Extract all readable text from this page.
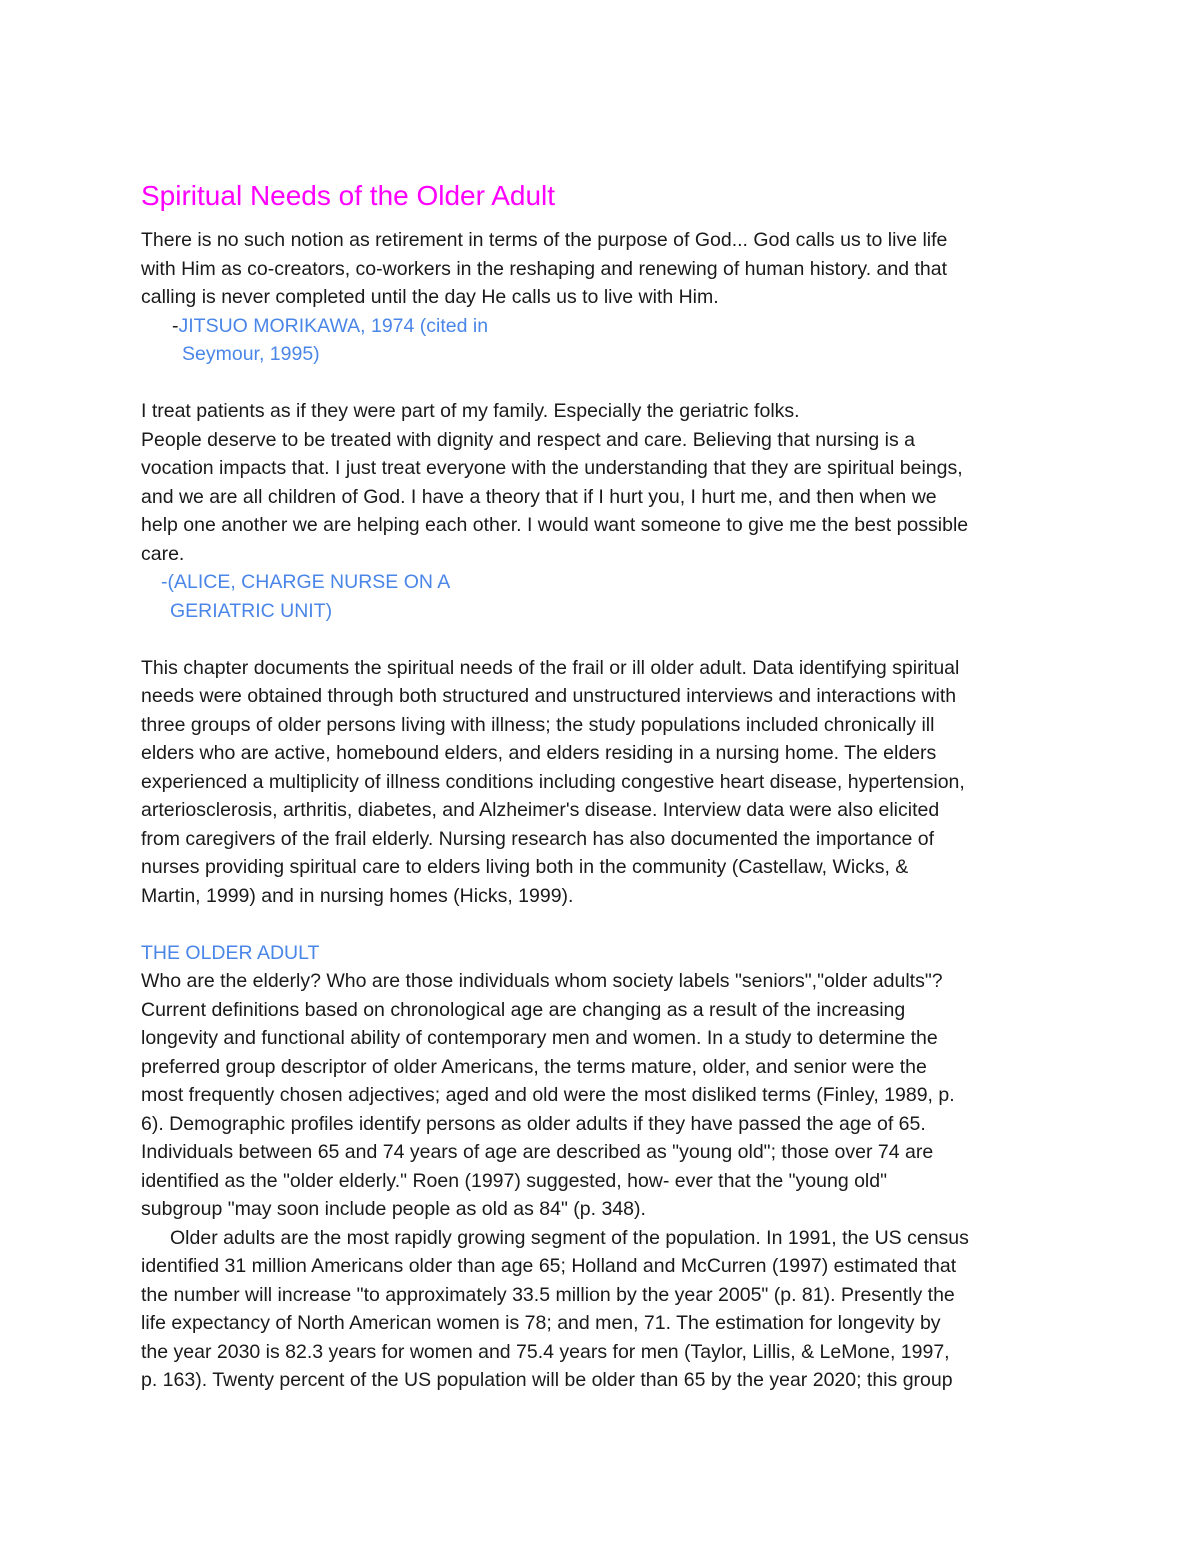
Spiritual Needs of the Older Adult
There is no such notion as retirement in terms of the purpose of God... God calls us to live life
with Him as co-creators, co-workers in the reshaping and renewing of human history. and that
calling is never completed until the day He calls us to live with Him.
-JITSUO MORIKAWA, 1974 (cited in
Seymour, 1995)
I treat patients as if they were part of my family. Especially the geriatric folks.
People deserve to be treated with dignity and respect and care. Believing that nursing is a
vocation impacts that. I just treat everyone with the understanding that they are spiritual beings,
and we are all children of God. I have a theory that if I hurt you, I hurt me, and then when we
help one another we are helping each other. I would want someone to give me the best possible
care.
-(ALICE, CHARGE NURSE ON A
GERIATRIC UNIT)
This chapter documents the spiritual needs of the frail or ill older adult. Data identifying spiritual
needs were obtained through both structured and unstructured interviews and interactions with
three groups of older persons living with illness; the study populations included chronically ill
elders who are active, homebound elders, and elders residing in a nursing home. The elders
experienced a multiplicity of illness conditions including congestive heart disease, hypertension,
arteriosclerosis, arthritis, diabetes, and Alzheimer's disease. Interview data were also elicited
from caregivers of the frail elderly. Nursing research has also documented the importance of
nurses providing spiritual care to elders living both in the community (Castellaw, Wicks, &
Martin, 1999) and in nursing homes (Hicks, 1999).
THE OLDER ADULT
Who are the elderly? Who are those individuals whom society labels "seniors","older adults"?
Current definitions based on chronological age are changing as a result of the increasing
longevity and functional ability of contemporary men and women. In a study to determine the
preferred group descriptor of older Americans, the terms mature, older, and senior were the
most frequently chosen adjectives; aged and old were the most disliked terms (Finley, 1989, p.
6). Demographic profiles identify persons as older adults if they have passed the age of 65.
Individuals between 65 and 74 years of age are described as "young old"; those over 74 are
identified as the "older elderly." Roen (1997) suggested, how- ever that the "young old"
subgroup "may soon include people as old as 84" (p. 348).
Older adults are the most rapidly growing segment of the population. In 1991, the US census
identified 31 million Americans older than age 65; Holland and McCurren (1997) estimated that
the number will increase "to approximately 33.5 million by the year 2005" (p. 81). Presently the
life expectancy of North American women is 78; and men, 71. The estimation for longevity by
the year 2030 is 82.3 years for women and 75.4 years for men (Taylor, Lillis, & LeMone, 1997,
p. 163). Twenty percent of the US population will be older than 65 by the year 2020; this group
